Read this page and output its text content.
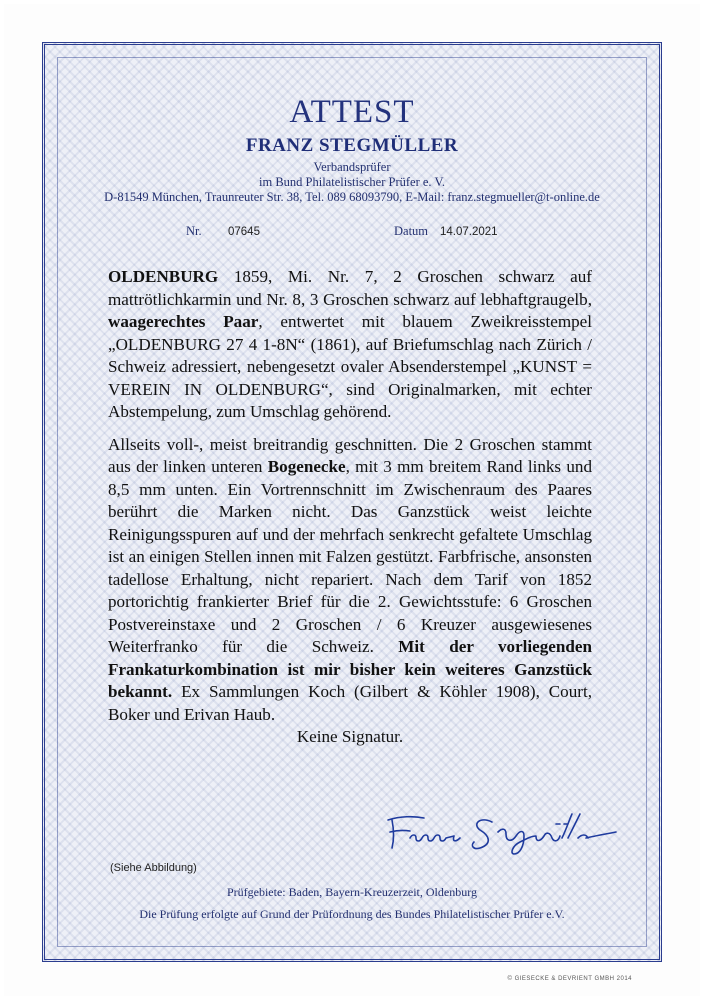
ATTEST
FRANZ STEGMÜLLER
Verbandsprüfer
im Bund Philatelistischer Prüfer e. V.
D-81549 München, Traunreuter Str. 38, Tel. 089 68093790, E-Mail: franz.stegmueller@t-online.de
Nr. 07645	Datum 14.07.2021

OLDENBURG 1859, Mi. Nr. 7, 2 Groschen schwarz auf mattrötlichkarmin und Nr. 8, 3 Groschen schwarz auf lebhaftgraugelb, waagerechtes Paar, entwertet mit blauem Zweikreisstempel „OLDENBURG 27 4 1-8N“ (1861), auf Briefumschlag nach Zürich / Schweiz adressiert, nebengesetzt ovaler Absenderstempel „KUNST = VEREIN IN OLDENBURG“, sind Originalmarken, mit echter Abstempelung, zum Umschlag gehörend.

Allseits voll-, meist breitrandig geschnitten. Die 2 Groschen stammt aus der linken unteren Bogenecke, mit 3 mm breitem Rand links und 8,5 mm unten. Ein Vortrennschnitt im Zwischenraum des Paares berührt die Marken nicht. Das Ganzstück weist leichte Reinigungsspuren auf und der mehrfach senkrecht gefaltete Umschlag ist an einigen Stellen innen mit Falzen gestützt. Farbfrische, ansonsten tadellose Erhaltung, nicht repariert. Nach dem Tarif von 1852 portorichtig frankierter Brief für die 2. Gewichtsstufe: 6 Groschen Postvereinstaxe und 2 Groschen / 6 Kreuzer ausgewiesenes Weiterfranko für die Schweiz. Mit der vorliegenden Frankaturkombination ist mir bisher kein weiteres Ganzstück bekannt. Ex Sammlungen Koch (Gilbert & Köhler 1908), Court, Boker und Erivan Haub.

Keine Signatur.

(Siehe Abbildung)
Prüfgebiete: Baden, Bayern-Kreuzerzeit, Oldenburg
Die Prüfung erfolgte auf Grund der Prüfordnung des Bundes Philatelistischer Prüfer e.V.
© GIESECKE & DEVRIENT GMBH 2014
